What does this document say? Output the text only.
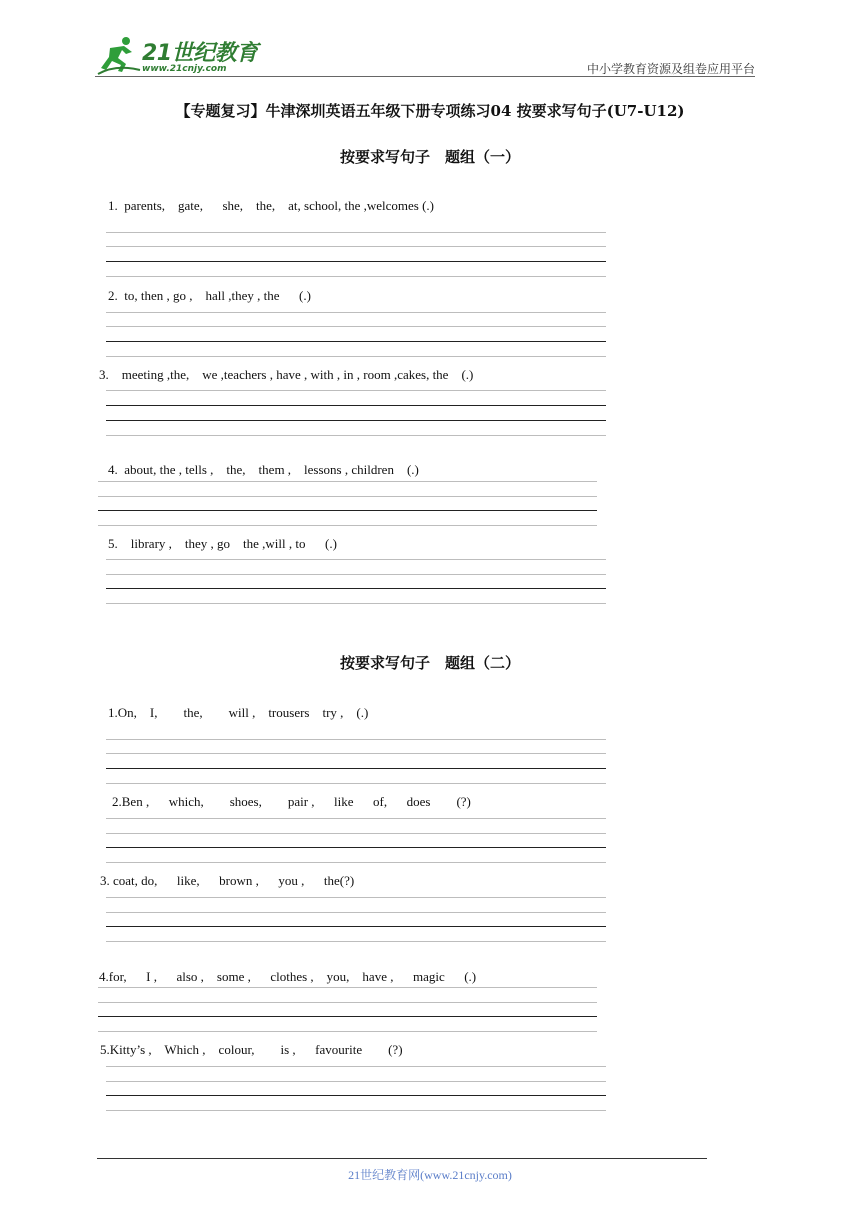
21世纪教育
www.21cnjy.com	中小学教育资源及组卷应用平台
【专题复习】牛津深圳英语五年级下册专项练习04 按要求写句子(U7-U12)
按要求写句子　题组（一）
1.  parents,    gate,      she,    the,    at, school, the ,welcomes (.)
2.  to, then , go ,    hall ,they , the      (.)
3.    meeting ,the,    we ,teachers , have , with , in , room ,cakes, the    (.)
4.  about, the , tells ,    the,    them ,    lessons , children    (.)
5.    library ,    they , go    the ,will , to      (.)
按要求写句子　题组（二）
1.On,    I,        the,        will ,    trousers    try ,    (.)
2.Ben ,      which,        shoes,        pair ,      like      of,      does        (?)
3. coat, do,      like,      brown ,      you ,      the(?)
4.for,      I ,      also ,    some ,      clothes ,    you,    have ,      magic      (.)
5.Kitty’s ,    Which ,    colour,        is ,      favourite        (?)
21世纪教育网(www.21cnjy.com)
